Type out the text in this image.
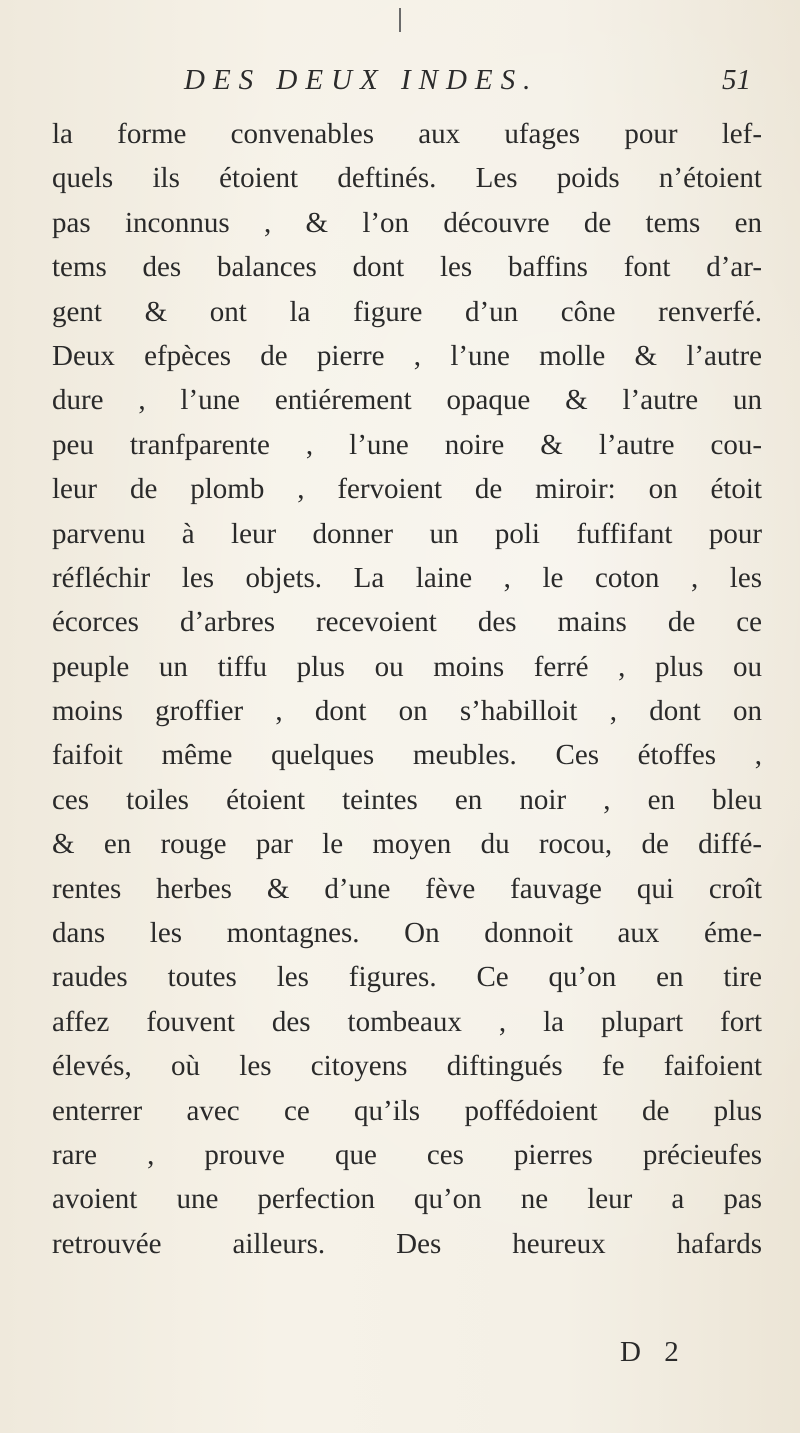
DES DEUX INDES.	51
la forme convenables aux ufages pour lef-
quels ils étoient deftinés. Les poids n’étoient
pas inconnus , & l’on découvre de tems en
tems des balances dont les baffins font d’ar-
gent & ont la figure d’un cône renverfé.
Deux efpèces de pierre , l’une molle & l’autre
dure , l’une entiérement opaque & l’autre un
peu tranfparente , l’une noire & l’autre cou-
leur de plomb , fervoient de miroir: on étoit
parvenu à leur donner un poli fuffifant pour
réfléchir les objets. La laine , le coton , les
écorces d’arbres recevoient des mains de ce
peuple un tiffu plus ou moins ferré , plus ou
moins groffier , dont on s’habilloit , dont on
faifoit même quelques meubles. Ces étoffes ,
ces toiles étoient teintes en noir , en bleu
& en rouge par le moyen du rocou, de diffé-
rentes herbes & d’une fève fauvage qui croît
dans les montagnes. On donnoit aux éme-
raudes toutes les figures. Ce qu’on en tire
affez fouvent des tombeaux , la plupart fort
élevés, où les citoyens diftingués fe faifoient
enterrer avec ce qu’ils poffédoient de plus
rare , prouve que ces pierres précieufes
avoient une perfection qu’on ne leur a pas
retrouvée ailleurs. Des heureux hafards
D 2
